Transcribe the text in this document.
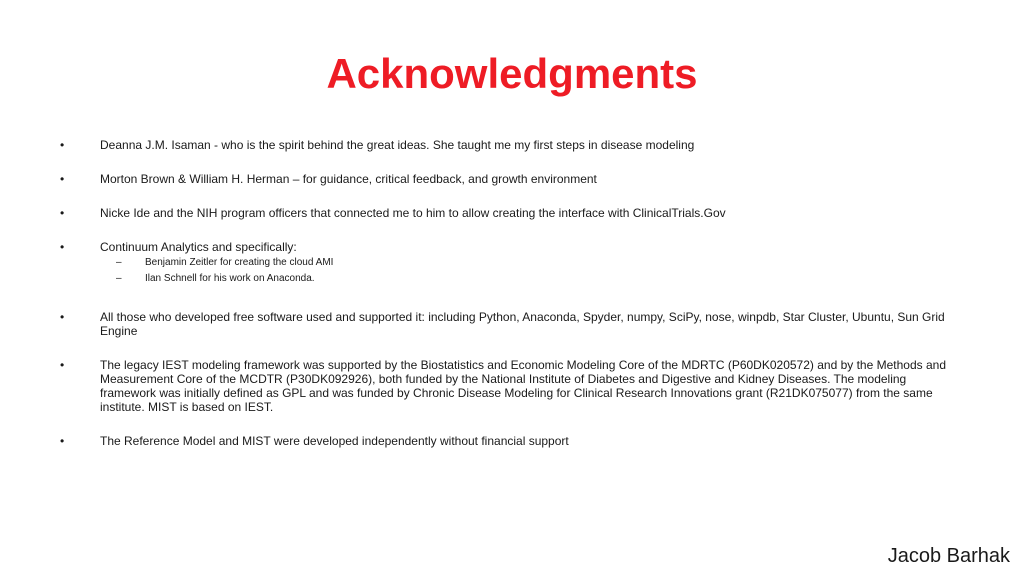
Acknowledgments
•	Deanna J.M. Isaman - who is the spirit behind the great ideas. She taught me my first steps in disease modeling
•	Morton Brown & William H. Herman – for guidance, critical feedback, and growth environment
•	Nicke Ide and the NIH program officers that connected me to him to allow creating the interface with ClinicalTrials.Gov
•	Continuum Analytics and specifically:
– Benjamin Zeitler for creating the cloud AMI
– Ilan Schnell for his work on Anaconda.
•	All those who developed free software used and supported it: including Python, Anaconda, Spyder, numpy, SciPy, nose, winpdb, Star Cluster, Ubuntu, Sun Grid Engine
•	The legacy IEST modeling framework was supported by the Biostatistics and Economic Modeling Core of the MDRTC (P60DK020572) and by the Methods and Measurement Core of the MCDTR (P30DK092926), both funded by the National Institute of Diabetes and Digestive and Kidney Diseases. The modeling framework was initially defined as GPL and was funded by Chronic Disease Modeling for Clinical Research Innovations grant (R21DK075077) from the same institute. MIST is based on IEST.
•	The Reference Model and MIST were developed independently without financial support
Jacob Barhak
